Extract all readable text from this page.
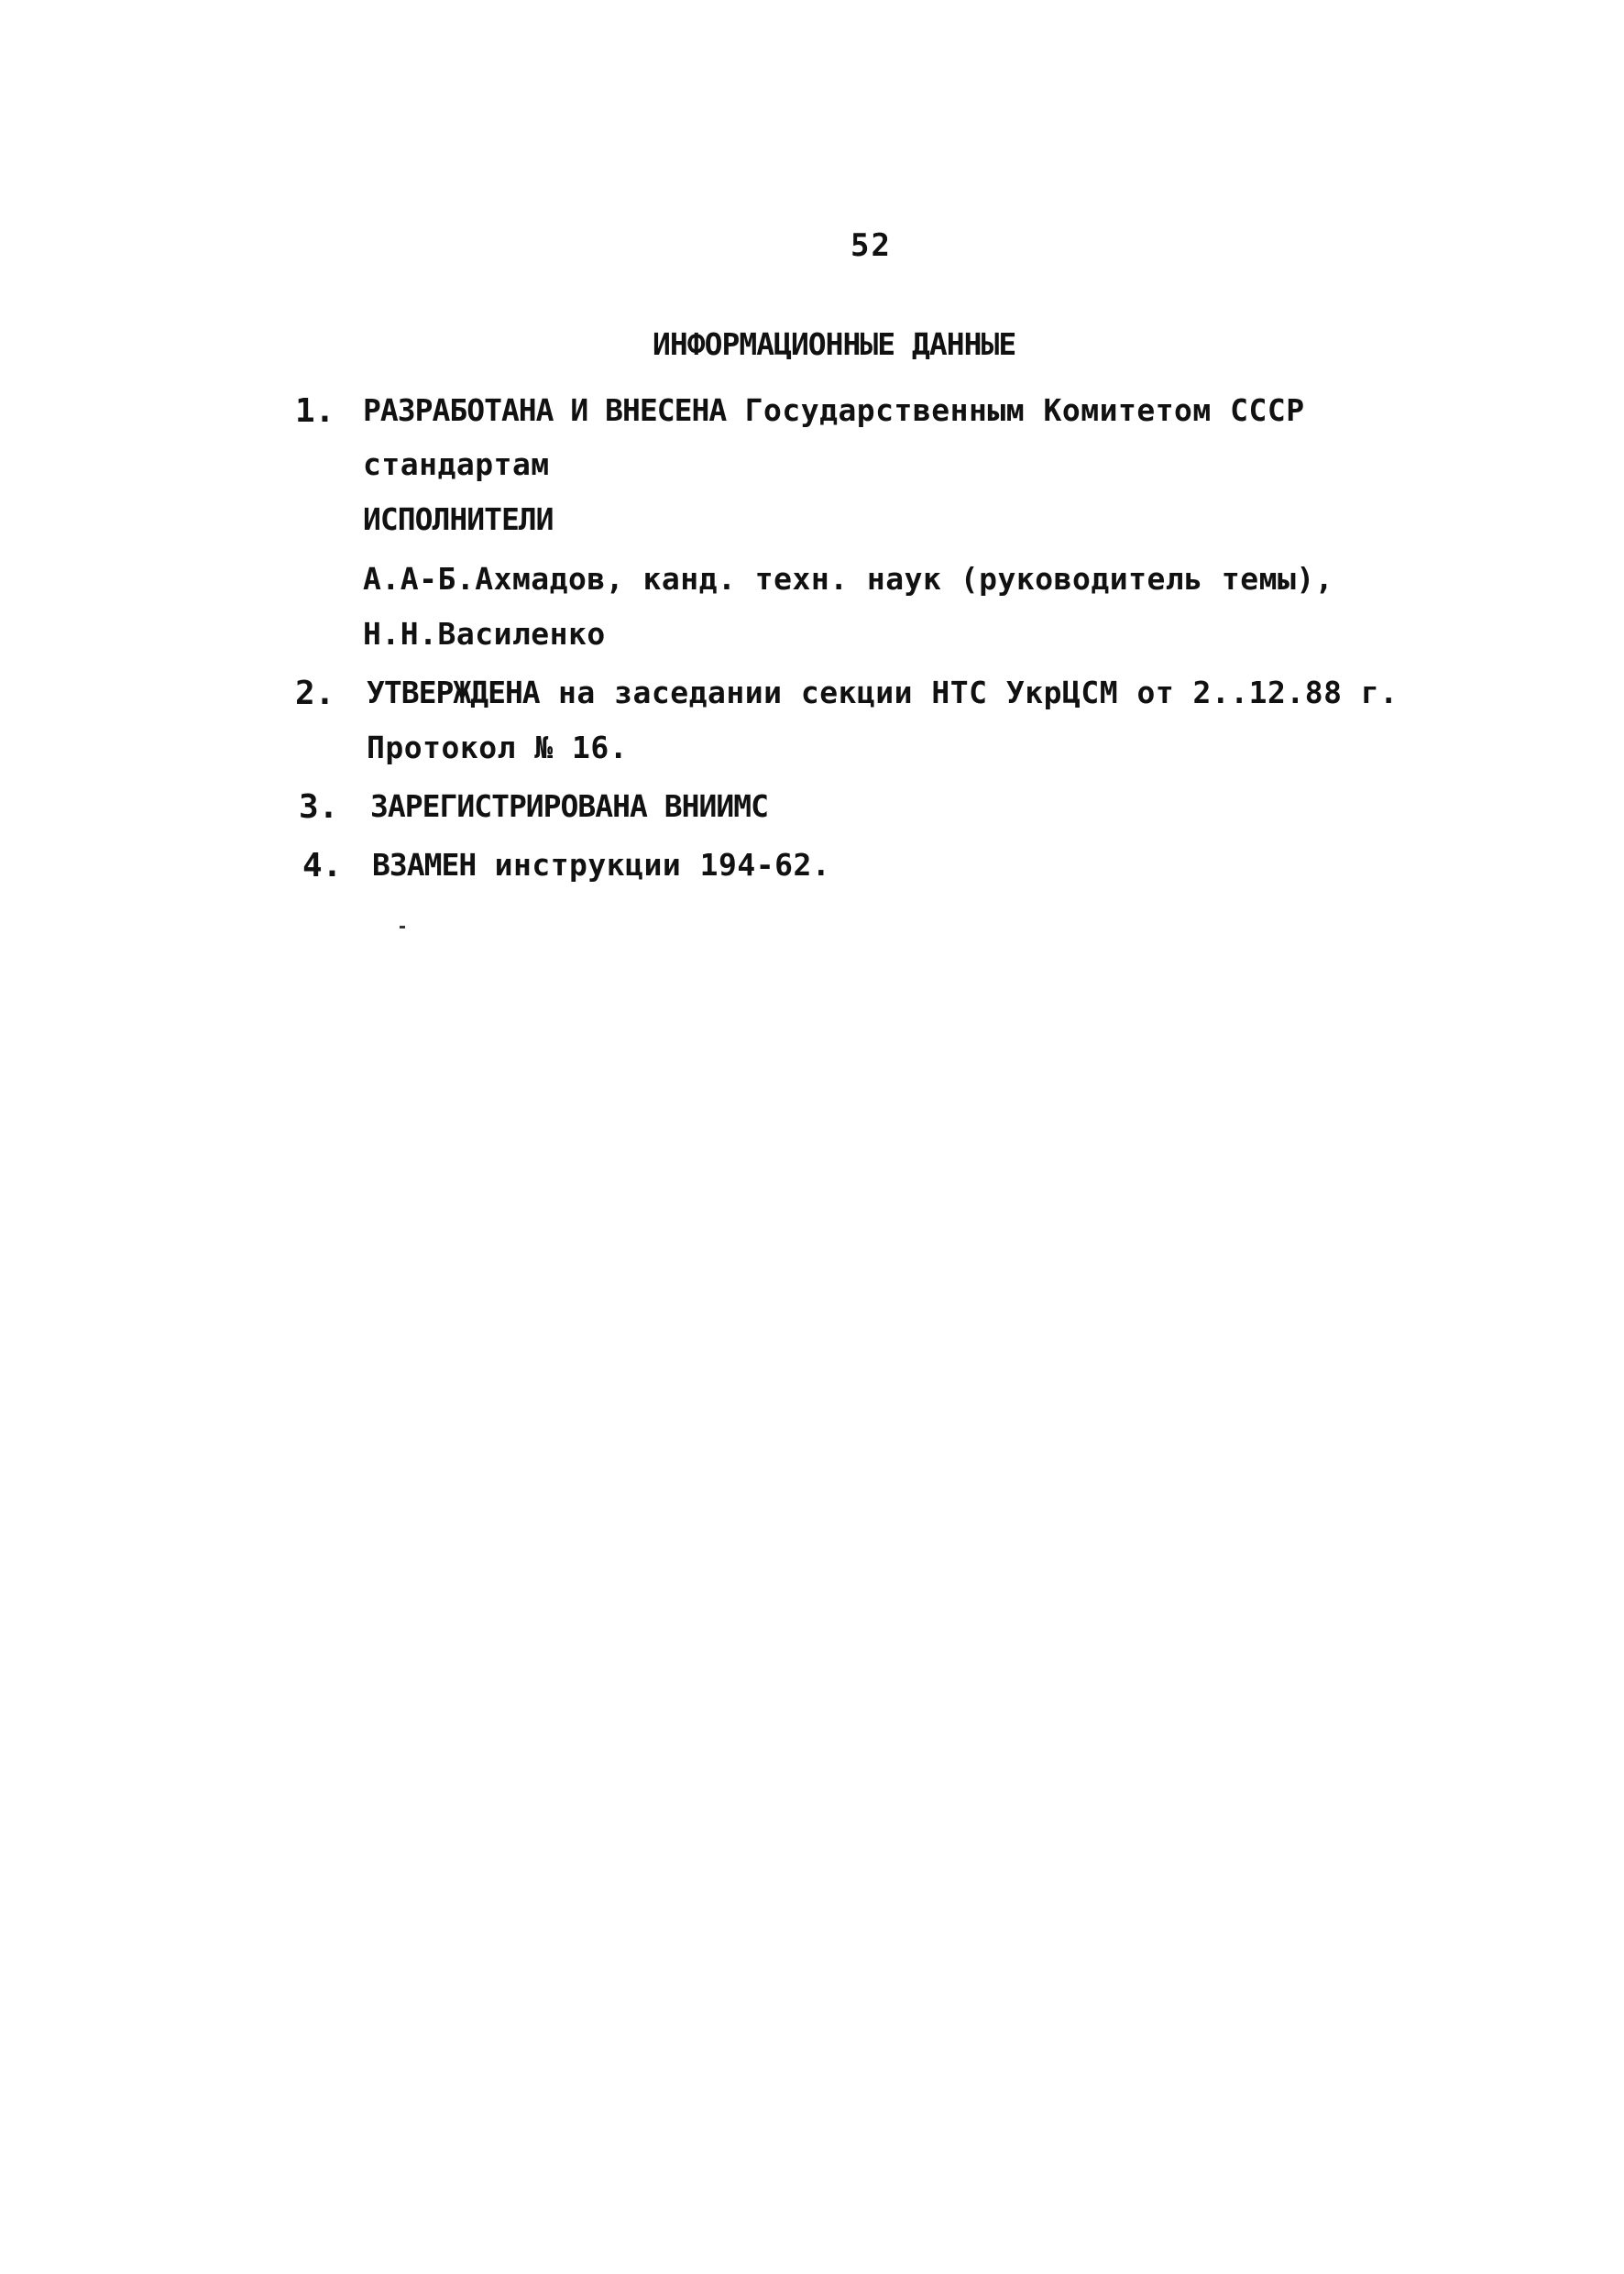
52
ИНФОРМАЦИОННЫЕ ДАННЫЕ
1. РАЗРАБОТАНА И ВНЕСЕНА Государственным Комитетом СССР
стандартам
ИСПОЛНИТЕЛИ
А.А-Б.Ахмадов, канд. техн. наук (руководитель темы),
Н.Н.Василенко
2. УТВЕРЖДЕНА на заседании секции НТС УкрЦСМ от 2..12.88 г.
Протокол № 16.
3. ЗАРЕГИСТРИРОВАНА ВНИИМС
4. ВЗАМЕН инструкции 194-62.
